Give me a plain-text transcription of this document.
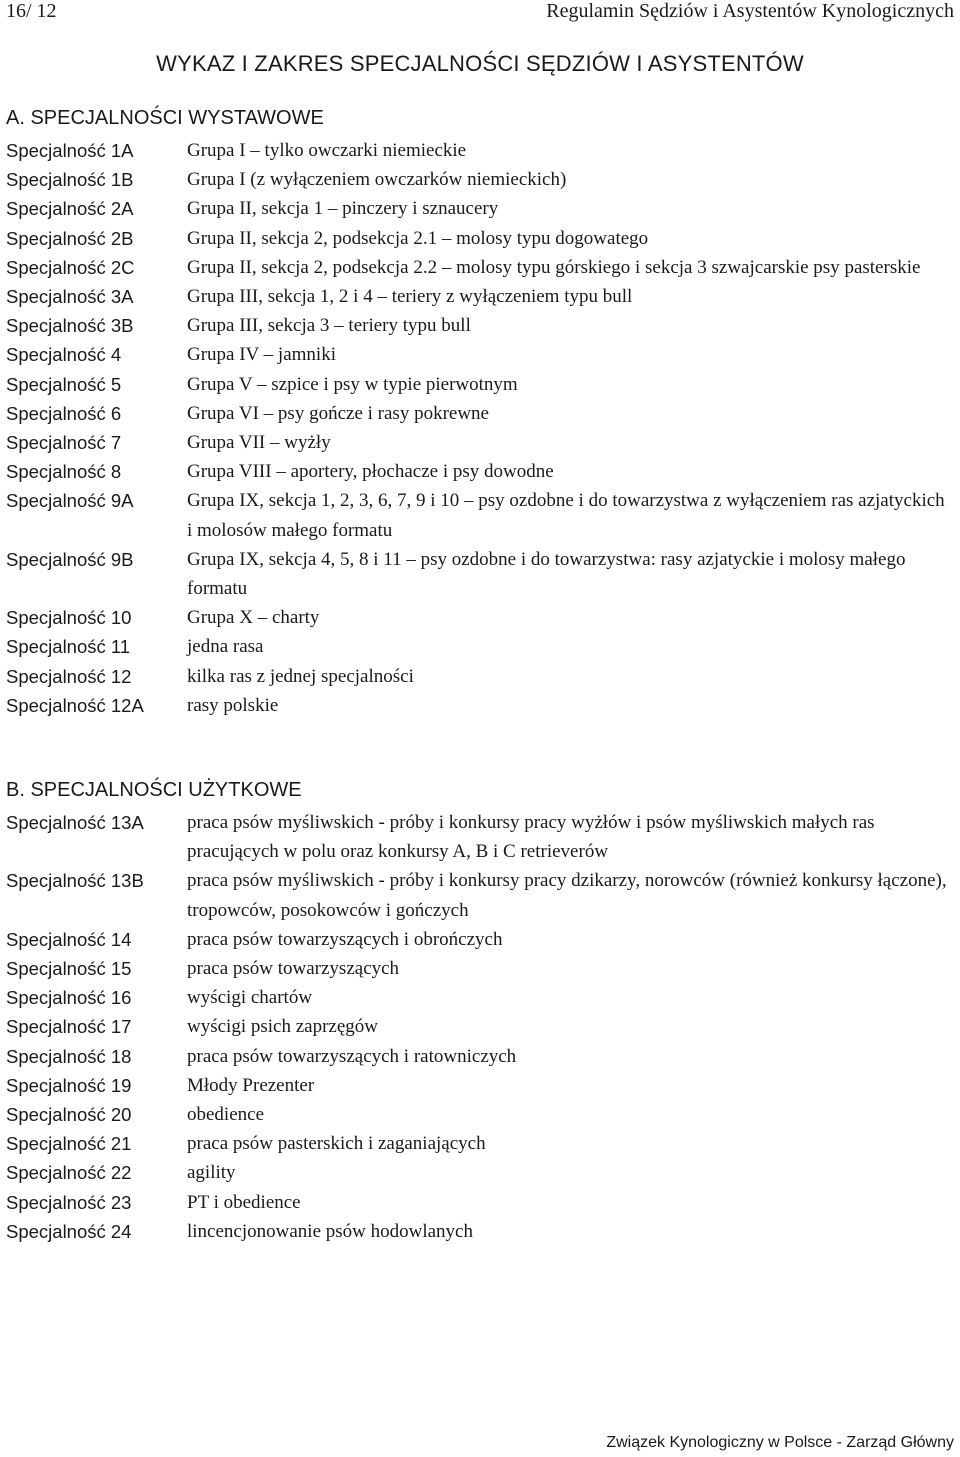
16/ 12	Regulamin Sędziów i Asystentów Kynologicznych
WYKAZ I ZAKRES SPECJALNOŚCI SĘDZIÓW I ASYSTENTÓW
A. SPECJALNOŚCI WYSTAWOWE
Specjalność 1A	Grupa I – tylko owczarki niemieckie
Specjalność 1B	Grupa I (z wyłączeniem owczarków niemieckich)
Specjalność 2A	Grupa II, sekcja 1 – pinczery i sznaucery
Specjalność 2B	Grupa II, sekcja 2, podsekcja 2.1 – molosy typu dogowatego
Specjalność 2C	Grupa II, sekcja 2, podsekcja 2.2 – molosy typu górskiego i sekcja 3 szwajcarskie psy pasterskie
Specjalność 3A	Grupa III, sekcja 1, 2 i 4 – teriery z wyłączeniem typu bull
Specjalność 3B	Grupa III, sekcja 3 – teriery typu bull
Specjalność 4	Grupa IV – jamniki
Specjalność 5	Grupa V – szpice i psy w typie pierwotnym
Specjalność 6	Grupa VI – psy gończe i rasy pokrewne
Specjalność 7	Grupa VII – wyżły
Specjalność 8	Grupa VIII – aportery, płochacze i psy dowodne
Specjalność 9A	Grupa IX, sekcja 1, 2, 3, 6, 7, 9 i 10 – psy ozdobne i do towarzystwa z wyłączeniem ras azjatyckich i molosów małego formatu
Specjalność 9B	Grupa IX, sekcja 4, 5, 8 i 11 – psy ozdobne i do towarzystwa: rasy azjatyckie i molosy małego formatu
Specjalność 10	Grupa X – charty
Specjalność 11	jedna rasa
Specjalność 12	kilka ras z jednej specjalności
Specjalność 12A	rasy polskie
B. SPECJALNOŚCI UŻYTKOWE
Specjalność 13A	praca psów myśliwskich - próby i konkursy pracy wyżłów i psów myśliwskich małych ras pracujących w polu oraz konkursy A, B i C retrieverów
Specjalność 13B	praca psów myśliwskich - próby i konkursy pracy dzikarzy, norowców (również konkursy łączone), tropowców, posokowców i gończych
Specjalność 14	praca psów towarzyszących i obrończych
Specjalność 15	praca psów towarzyszących
Specjalność 16	wyścigi chartów
Specjalność 17	wyścigi psich zaprzęgów
Specjalność 18	praca psów towarzyszących i ratowniczych
Specjalność 19	Młody Prezenter
Specjalność 20	obedience
Specjalność 21	praca psów pasterskich i zaganiających
Specjalność 22	agility
Specjalność 23	PT i obedience
Specjalność 24	lincencjonowanie psów hodowlanych
Związek Kynologiczny w Polsce - Zarząd Główny
